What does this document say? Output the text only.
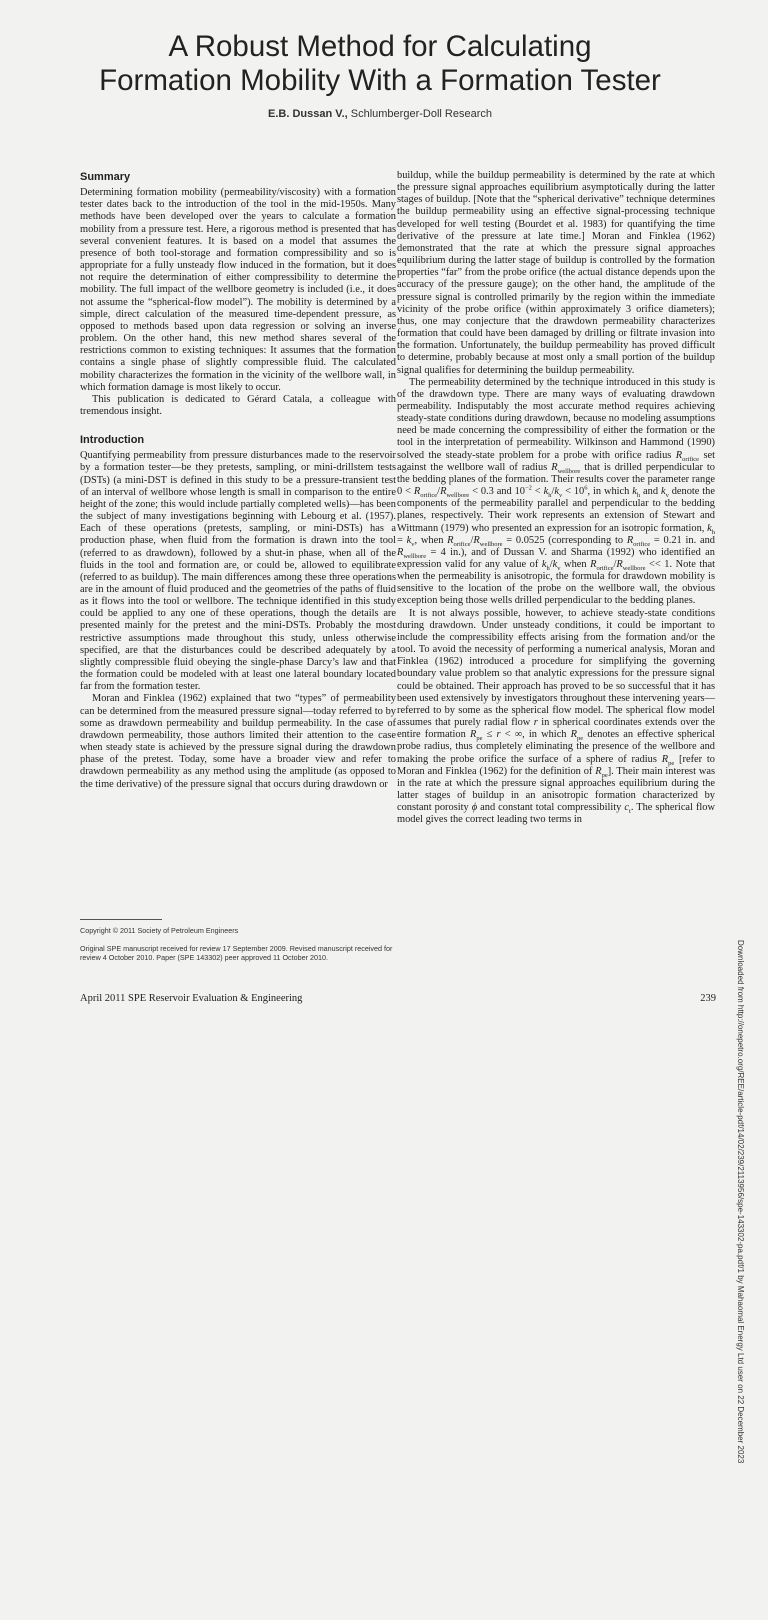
A Robust Method for Calculating
Formation Mobility With a Formation Tester
E.B. Dussan V., Schlumberger-Doll Research
Summary

Determining formation mobility (permeability/viscosity) with a formation tester dates back to the introduction of the tool in the mid-1950s. Many methods have been developed over the years to calculate a formation mobility from a pressure test. Here, a rigorous method is presented that has several convenient features. It is based on a model that assumes the presence of both tool-storage and formation compressibility and so is appropriate for a fully unsteady flow induced in the formation, but it does not require the determination of either compressibility to determine the mobility. The full impact of the wellbore geometry is included (i.e., it does not assume the “spherical-flow model”). The mobility is determined by a simple, direct calculation of the measured time-dependent pressure, as opposed to methods based upon data regression or solving an inverse problem. On the other hand, this new method shares several of the restrictions common to existing techniques: It assumes that the formation contains a single phase of slightly compressible fluid. The calculated mobility characterizes the formation in the vicinity of the wellbore wall, in which formation damage is most likely to occur.

This publication is dedicated to Gérard Catala, a colleague with tremendous insight.

Introduction

Quantifying permeability from pressure disturbances made to the reservoir by a formation tester—be they pretests, sampling, or mini-drillstem tests (DSTs) (a mini-DST is defined in this study to be a pressure-transient test of an interval of wellbore whose length is small in comparison to the entire height of the zone; this would include partially completed wells)—has been the subject of many investigations beginning with Lebourg et al. (1957). Each of these operations (pretests, sampling, or mini-DSTs) has a production phase, when fluid from the formation is drawn into the tool (referred to as drawdown), followed by a shut-in phase, when all of the fluids in the tool and formation are, or could be, allowed to equilibrate (referred to as buildup). The main differences among these three operations are in the amount of fluid produced and the geometries of the paths of fluid as it flows into the tool or wellbore. The technique identified in this study could be applied to any one of these operations, though the details are presented mainly for the pretest and the mini-DSTs. Probably the most restrictive assumptions made throughout this study, unless otherwise specified, are that the disturbances could be described adequately by a slightly compressible fluid obeying the single-phase Darcy’s law and that the formation could be modeled with at least one lateral boundary located far from the formation tester.

Moran and Finklea (1962) explained that two “types” of permeability can be determined from the measured pressure signal—today referred to by some as drawdown permeability and buildup permeability. In the case of drawdown permeability, those authors limited their attention to the case when steady state is achieved by the pressure signal during the drawdown phase of the pretest. Today, some have a broader view and refer to drawdown permeability as any method using the amplitude (as opposed to the time derivative) of the pressure signal that occurs during drawdown or

buildup, while the buildup permeability is determined by the rate at which the pressure signal approaches equilibrium asymptotically during the latter stages of buildup. [Note that the “spherical derivative” technique determines the buildup permeability using an effective signal-processing technique developed for well testing (Bourdet et al. 1983) for quantifying the time derivative of the pressure at late time.] Moran and Finklea (1962) demonstrated that the rate at which the pressure signal approaches equilibrium during the latter stage of buildup is controlled by the formation properties “far” from the probe orifice (the actual distance depends upon the accuracy of the pressure gauge); on the other hand, the amplitude of the pressure signal is controlled primarily by the region within the immediate vicinity of the probe orifice (within approximately 3 orifice diameters); thus, one may conjecture that the drawdown permeability characterizes formation that could have been damaged by drilling or filtrate invasion into the formation. Unfortunately, the buildup permeability has proved difficult to determine, probably because at most only a small portion of the buildup signal qualifies for determining the buildup permeability.

The permeability determined by the technique introduced in this study is of the drawdown type. There are many ways of evaluating drawdown permeability. Indisputably the most accurate method requires achieving steady-state conditions during drawdown, because no modeling assumptions need be made concerning the compressibility of either the formation or the tool in the interpretation of permeability. Wilkinson and Hammond (1990) solved the steady-state problem for a probe with orifice radius $R_{orifice}$ set against the wellbore wall of radius $R_{wellbore}$ that is drilled perpendicular to the bedding planes of the formation. Their results cover the parameter range $0 < R_{orifice}/R_{wellbore} < 0.3$ and $10^{-2} < k_h/k_v < 10^6$, in which $k_h$ and $k_v$ denote the components of the permeability parallel and perpendicular to the bedding planes, respectively. Their work represents an extension of Stewart and Wittmann (1979) who presented an expression for an isotropic formation, $k_h = k_v$, when $R_{orifice}/R_{wellbore} = 0.0525$ (corresponding to $R_{orifice} = 0.21$ in. and $R_{wellbore} = 4$ in.), and of Dussan V. and Sharma (1992) who identified an expression valid for any value of $k_h/k_v$ when $R_{orifice}/R_{wellbore} << 1$. Note that when the permeability is anisotropic, the formula for drawdown mobility is sensitive to the location of the probe on the wellbore wall, the obvious exception being those wells drilled perpendicular to the bedding planes.

It is not always possible, however, to achieve steady-state conditions during drawdown. Under unsteady conditions, it could be important to include the compressibility effects arising from the formation and/or the tool. To avoid the necessity of performing a numerical analysis, Moran and Finklea (1962) introduced a procedure for simplifying the governing boundary value problem so that analytic expressions for the pressure signal could be obtained. Their approach has proved to be so successful that it has been used extensively by investigators throughout these intervening years—referred to by some as the spherical flow model. The spherical flow model assumes that purely radial flow r in spherical coordinates extends over the entire formation $R_{pe} \le r$ < ∞, in which $R_{pe}$ denotes an effective spherical probe radius, thus completely eliminating the presence of the wellbore and making the probe orifice the surface of a sphere of radius $R_{pe}$ [refer to Moran and Finklea (1962) for the definition of $R_{pe}$]. Their main interest was in the rate at which the pressure signal approaches equilibrium during the latter stages of buildup in an anisotropic formation characterized by constant porosity ϕ and constant total compressibility $c_t$. The spherical flow model gives the correct leading two terms in

Copyright © 2011 Society of Petroleum Engineers
Original SPE manuscript received for review 17 September 2009. Revised manuscript received for review 4 October 2010. Paper (SPE 143302) peer approved 11 October 2010.
April 2011 SPE Reservoir Evaluation & Engineering	239	Downloaded from http://onepetro.org/REE/article-pdf/14/02/239/2113956/spe-143302-pa.pdf/1 by Mahaomal Energy Ltd user on 22 December 2023
